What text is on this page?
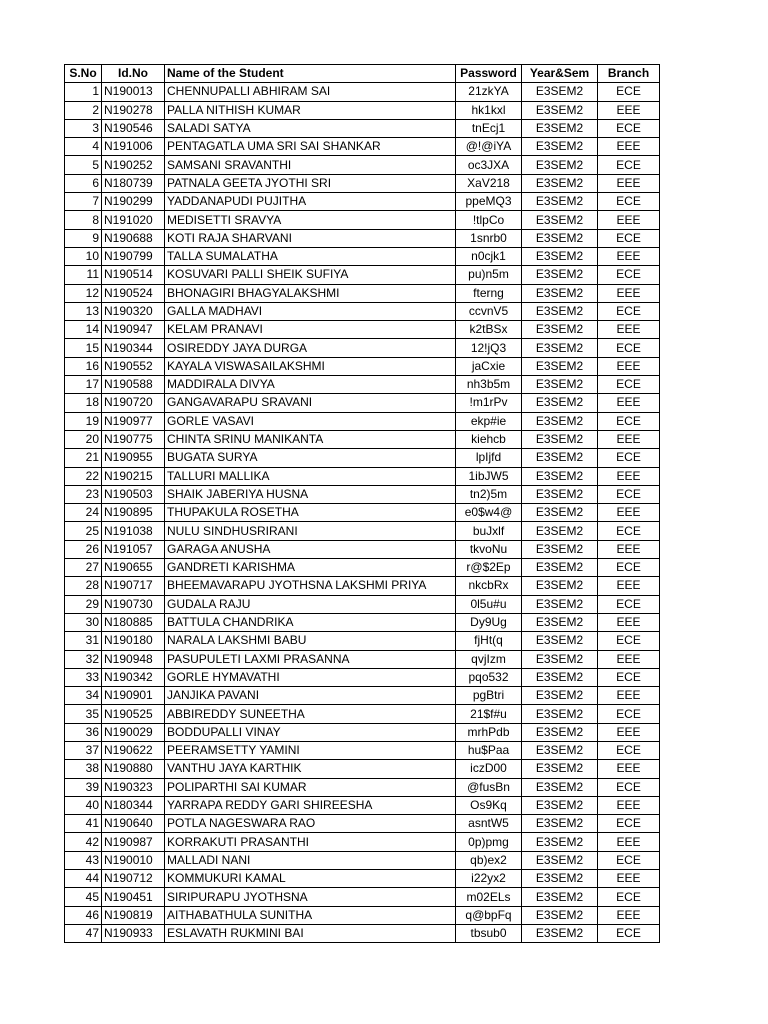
S.No	Id.No	Name of the Student	Password	Year&Sem	Branch
1	N190013	CHENNUPALLI ABHIRAM SAI	21zkYA	E3SEM2	ECE
2	N190278	PALLA NITHISH KUMAR	hk1kxl	E3SEM2	EEE
3	N190546	SALADI SATYA	tnEcj1	E3SEM2	ECE
4	N191006	PENTAGATLA UMA SRI SAI SHANKAR	@!@iYA	E3SEM2	EEE
5	N190252	SAMSANI SRAVANTHI	oc3JXA	E3SEM2	ECE
6	N180739	PATNALA GEETA JYOTHI SRI	XaV218	E3SEM2	EEE
7	N190299	YADDANAPUDI PUJITHA	ppeMQ3	E3SEM2	ECE
8	N191020	MEDISETTI SRAVYA	!tlpCo	E3SEM2	EEE
9	N190688	KOTI RAJA SHARVANI	1snrb0	E3SEM2	ECE
10	N190799	TALLA SUMALATHA	n0cjk1	E3SEM2	EEE
11	N190514	KOSUVARI PALLI SHEIK SUFIYA	pu)n5m	E3SEM2	ECE
12	N190524	BHONAGIRI BHAGYALAKSHMI	fterng	E3SEM2	EEE
13	N190320	GALLA MADHAVI	ccvnV5	E3SEM2	ECE
14	N190947	KELAM PRANAVI	k2tBSx	E3SEM2	EEE
15	N190344	OSIREDDY JAYA DURGA	12!jQ3	E3SEM2	ECE
16	N190552	KAYALA VISWASAILAKSHMI	jaCxie	E3SEM2	EEE
17	N190588	MADDIRALA DIVYA	nh3b5m	E3SEM2	ECE
18	N190720	GANGAVARAPU SRAVANI	!m1rPv	E3SEM2	EEE
19	N190977	GORLE VASAVI	ekp#ie	E3SEM2	ECE
20	N190775	CHINTA SRINU MANIKANTA	kiehcb	E3SEM2	EEE
21	N190955	BUGATA SURYA	lpIjfd	E3SEM2	ECE
22	N190215	TALLURI MALLIKA	1ibJW5	E3SEM2	EEE
23	N190503	SHAIK JABERIYA HUSNA	tn2)5m	E3SEM2	ECE
24	N190895	THUPAKULA ROSETHA	e0$w4@	E3SEM2	EEE
25	N191038	NULU SINDHUSRIRANI	buJxlf	E3SEM2	ECE
26	N191057	GARAGA ANUSHA	tkvoNu	E3SEM2	EEE
27	N190655	GANDRETI KARISHMA	r@$2Ep	E3SEM2	ECE
28	N190717	BHEEMAVARAPU JYOTHSNA LAKSHMI PRIYA	nkcbRx	E3SEM2	EEE
29	N190730	GUDALA RAJU	0l5u#u	E3SEM2	ECE
30	N180885	BATTULA CHANDRIKA	Dy9Ug	E3SEM2	EEE
31	N190180	NARALA LAKSHMI BABU	fjHt(q	E3SEM2	ECE
32	N190948	PASUPULETI LAXMI PRASANNA	qvjIzm	E3SEM2	EEE
33	N190342	GORLE HYMAVATHI	pqo532	E3SEM2	ECE
34	N190901	JANJIKA PAVANI	pgBtri	E3SEM2	EEE
35	N190525	ABBIREDDY SUNEETHA	21$f#u	E3SEM2	ECE
36	N190029	BODDUPALLI VINAY	mrhPdb	E3SEM2	EEE
37	N190622	PEERAMSETTY YAMINI	hu$Paa	E3SEM2	ECE
38	N190880	VANTHU JAYA KARTHIK	iczD00	E3SEM2	EEE
39	N190323	POLIPARTHI SAI KUMAR	@fusBn	E3SEM2	ECE
40	N180344	YARRAPA REDDY GARI SHIREESHA	Os9Kq	E3SEM2	EEE
41	N190640	POTLA NAGESWARA RAO	asntW5	E3SEM2	ECE
42	N190987	KORRAKUTI PRASANTHI	0p)pmg	E3SEM2	EEE
43	N190010	MALLADI NANI	qb)ex2	E3SEM2	ECE
44	N190712	KOMMUKURI KAMAL	i22yx2	E3SEM2	EEE
45	N190451	SIRIPURAPU JYOTHSNA	m02ELs	E3SEM2	ECE
46	N190819	AITHABATHULA SUNITHA	q@bpFq	E3SEM2	EEE
47	N190933	ESLAVATH RUKMINI BAI	tbsub0	E3SEM2	ECE
